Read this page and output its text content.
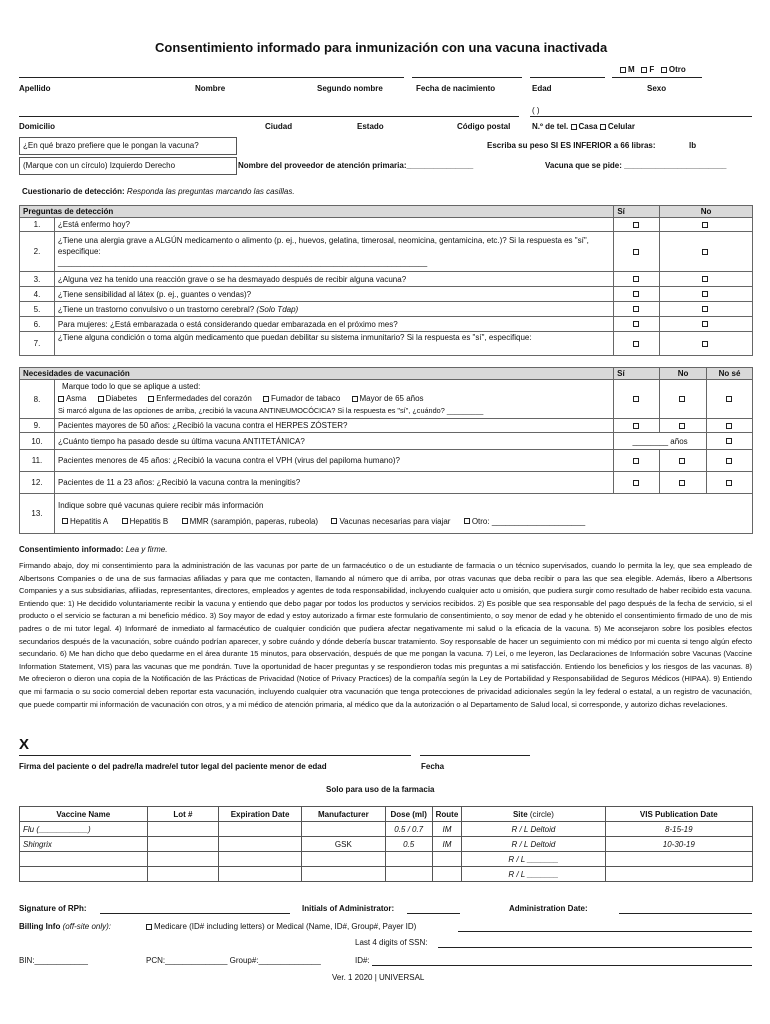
Consentimiento informado para inmunización con una vacuna inactivada
M F Otro
Apellido	Nombre	Segundo nombre	Fecha de nacimiento	Edad	Sexo
( )
Domicilio	Ciudad	Estado	Código postal	N.º de tel. Casa Celular
¿En qué brazo prefiere que le pongan la vacuna?
(Marque con un círculo) Izquierdo Derecho
Escriba su peso SI ES INFERIOR a 66 libras:	lb
Nombre del proveedor de atención primaria:_______________	Vacuna que se pide: _______________________
Cuestionario de detección: Responda las preguntas marcando las casillas.
Preguntas de detección		Sí	No
1.	¿Está enfermo hoy?		
2.	¿Tiene una alergia grave a ALGÚN medicamento o alimento (p. ej., huevos, gelatina, timerosal, neomicina, gentamicina, etc.)? Si la respuesta es "sí", especifique:
___________________________________________________________________________________		
3.	¿Alguna vez ha tenido una reacción grave o se ha desmayado después de recibir alguna vacuna?		
4.	¿Tiene sensibilidad al látex (p. ej., guantes o vendas)?		
5.	¿Tiene un trastorno convulsivo o un trastorno cerebral? (Solo Tdap)		
6.	Para mujeres: ¿Está embarazada o está considerando quedar embarazada en el próximo mes?		
7.	¿Tiene alguna condición o toma algún medicamento que puedan debilitar su sistema inmunitario? Si la respuesta es "sí", especifique:		
Necesidades de vacunación		Sí	No	No sé
8.	Marque todo lo que se aplique a usted:
Asma Diabetes Enfermedades del corazón Fumador de tabaco Mayor de 65 años
Si marcó alguna de las opciones de arriba, ¿recibió la vacuna ANTINEUMOCÓCICA? Si la respuesta es "sí", ¿cuándo? _________			

9.	Pacientes mayores de 50 años: ¿Recibió la vacuna contra el HERPES ZÓSTER?			
10.	¿Cuánto tiempo ha pasado desde su última vacuna ANTITETÁNICA?	________ años		
11.	Pacientes menores de 45 años: ¿Recibió la vacuna contra el VPH (virus del papiloma humano)?			
12.	Pacientes de 11 a 23 años: ¿Recibió la vacuna contra la meningitis?			
13.	Indique sobre qué vacunas quiere recibir más información
Hepatitis A Hepatitis B MMR (sarampión, paperas, rubeola) Vacunas necesarias para viajar Otro: _____________________			
Consentimiento informado: Lea y firme.
Firmando abajo, doy mi consentimiento para la administración de las vacunas por parte de un farmacéutico o de un estudiante de farmacia o un técnico supervisados, cuando lo permita la ley, que sea empleado de Albertsons Companies o de una de sus farmacias afiliadas y para que me contacten, llamando al número que di arriba, por otras vacunas que deba recibir o para las que sea elegible. Además, libero a Albertsons Companies y a sus subsidiarias, afiliadas, representantes, directores, empleados y agentes de toda responsabilidad, incluyendo cualquier acto u omisión, que pudiera surgir como resultado de haber recibido esta vacuna. Entiendo que: 1) He decidido voluntariamente recibir la vacuna y entiendo que debo pagar por todos los productos y servicios recibidos. 2) Es posible que sea responsable del pago después de la fecha de servicio, si el producto o el servicio se facturan a mi beneficio médico. 3) Soy mayor de edad y estoy autorizado a firmar este formulario de consentimiento, o soy menor de edad y he obtenido el consentimiento firmado de uno de mis padres o de mi tutor legal. 4) Informaré de inmediato al farmacéutico de cualquier condición que pudiera afectar negativamente mi salud o la eficacia de la vacuna. 5) Me aconsejaron sobre los posibles efectos secundarios después de la vacunación, sobre cuándo podrían aparecer, y sobre cuándo y dónde debería buscar tratamiento. Soy responsable de hacer un seguimiento con mi médico por mi cuenta si tengo algún efecto secundario. 6) Me han dicho que debo quedarme en el área durante 15 minutos, para observación, después de que me pongan la vacuna. 7) Leí, o me leyeron, las Declaraciones de Información sobre Vacunas (Vaccine Information Statement, VIS) para las vacunas que me pondrán. Tuve la oportunidad de hacer preguntas y se respondieron todas mis preguntas a mi satisfacción. Entiendo los beneficios y los riesgos de las vacunas. 8) Me ofrecieron o dieron una copia de la Notificación de las Prácticas de Privacidad (Notice of Privacy Practices) de la compañía según la Ley de Portabilidad y Responsabilidad de Seguros Médicos (HIPAA). 9) Entiendo que mi farmacia o su socio comercial deben reportar esta vacunación, incluyendo cualquier otra vacunación que tenga protecciones de privacidad adicionales según la ley federal o estatal, a un registro de vacunación, que puede compartir mi información de vacunación con otros, y a mi médico de atención primaria, al médico que da la autorización o al Departamento de Salud local, si corresponde, y autorizo dichas revelaciones.
X
Firma del paciente o del padre/la madre/el tutor legal del paciente menor de edad	Fecha
Solo para uso de la farmacia
Vaccine Name	Lot #	Expiration Date	Manufacturer	Dose (ml)	Route	Site (circle)	VIS Publication Date
Flu (___________)				0.5 / 0.7	IM	R / L Deltoid	8-15-19
Shingrix			GSK	0.5	IM	R / L Deltoid	10-30-19
						R / L _______	
						R / L _______	
Signature of RPh:	Initials of Administrator:	Administration Date:
Billing Info (off-site only):	Medicare (ID# including letters) or Medical (Name, ID#, Group#, Payer ID)
Last 4 digits of SSN:
BIN:____________	PCN:______________ Group#:______________	ID#:
Ver. 1 2020 | UNIVERSAL
